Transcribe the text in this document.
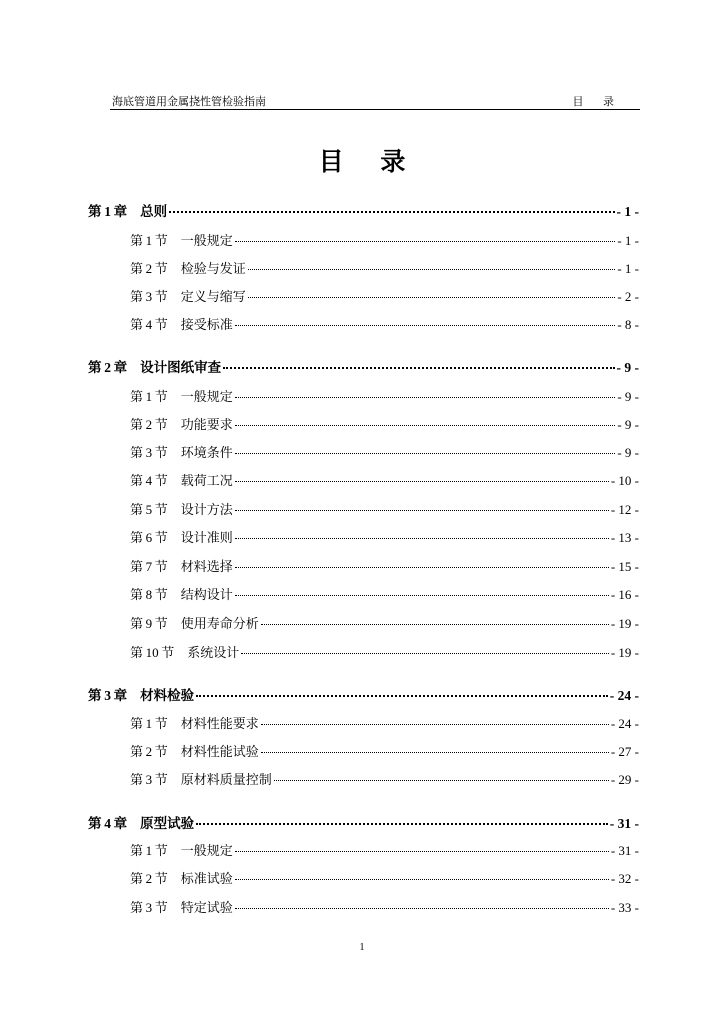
海底管道用金属挠性管检验指南	目 录
目 录
第 1 章 总则	- 1 -
第 1 节 一般规定	- 1 -
第 2 节 检验与发证	- 1 -
第 3 节 定义与缩写	- 2 -
第 4 节 接受标准	- 8 -
第 2 章 设计图纸审查	- 9 -
第 1 节 一般规定	- 9 -
第 2 节 功能要求	- 9 -
第 3 节 环境条件	- 9 -
第 4 节 载荷工况	- 10 -
第 5 节 设计方法	- 12 -
第 6 节 设计准则	- 13 -
第 7 节 材料选择	- 15 -
第 8 节 结构设计	- 16 -
第 9 节 使用寿命分析	- 19 -
第 10 节 系统设计	- 19 -
第 3 章 材料检验	- 24 -
第 1 节 材料性能要求	- 24 -
第 2 节 材料性能试验	- 27 -
第 3 节 原材料质量控制	- 29 -
第 4 章 原型试验	- 31 -
第 1 节 一般规定	- 31 -
第 2 节 标准试验	- 32 -
第 3 节 特定试验	- 33 -
1
